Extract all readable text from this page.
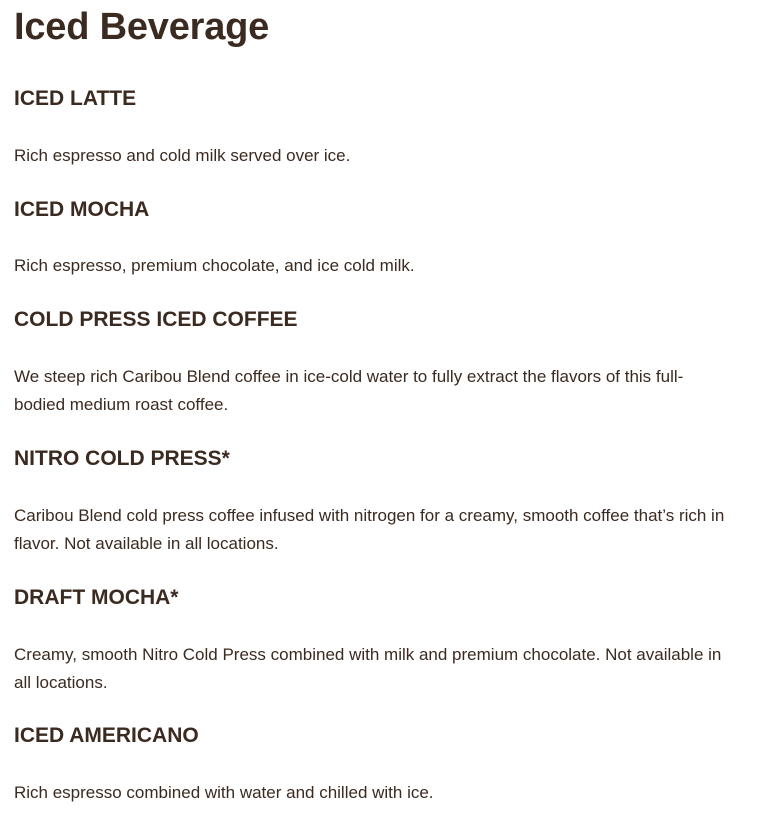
Iced Beverage
ICED LATTE

Rich espresso and cold milk served over ice.

ICED MOCHA

Rich espresso, premium chocolate, and ice cold milk.

COLD PRESS ICED COFFEE

We steep rich Caribou Blend coffee in ice-cold water to fully extract the flavors of this full-bodied medium roast coffee.

NITRO COLD PRESS*

Caribou Blend cold press coffee infused with nitrogen for a creamy, smooth coffee that’s rich in flavor. Not available in all locations.

DRAFT MOCHA*

Creamy, smooth Nitro Cold Press combined with milk and premium chocolate. Not available in all locations.

ICED AMERICANO

Rich espresso combined with water and chilled with ice.
